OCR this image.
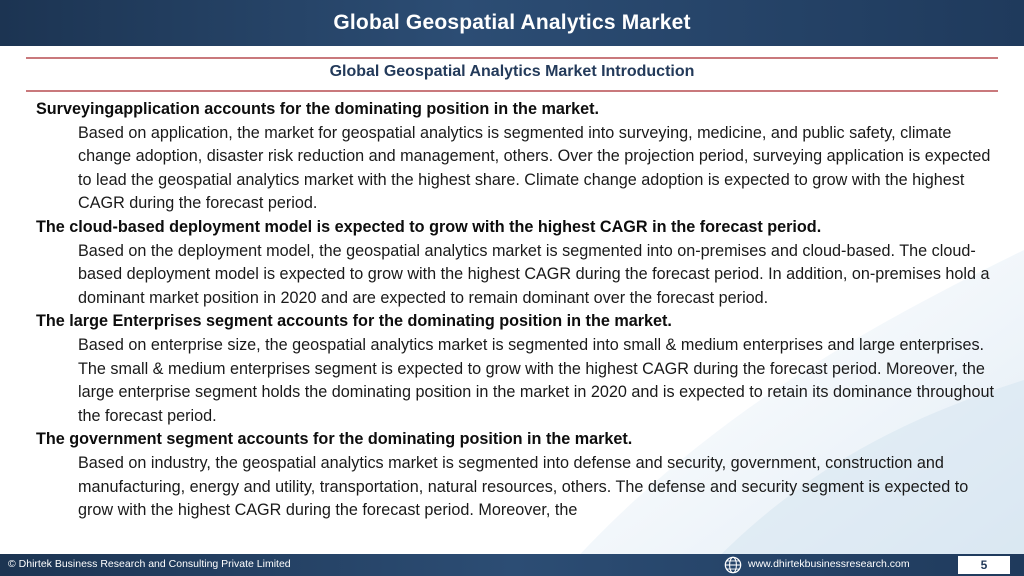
Global Geospatial Analytics Market
Global Geospatial Analytics Market Introduction
Surveyingapplication accounts for the dominating position in the market.
Based on application, the market for geospatial analytics is segmented into surveying, medicine, and public safety, climate change adoption, disaster risk reduction and management, others. Over the projection period, surveying application is expected to lead the geospatial analytics market with the highest share. Climate change adoption is expected to grow with the highest CAGR during the forecast period.
The cloud-based deployment model is expected to grow with the highest CAGR in the forecast period.
Based on the deployment model, the geospatial analytics market is segmented into on-premises and cloud-based. The cloud-based deployment model is expected to grow with the highest CAGR during the forecast period. In addition, on-premises hold a dominant market position in 2020 and are expected to remain dominant over the forecast period.
The large Enterprises segment accounts for the dominating position in the market.
Based on enterprise size, the geospatial analytics market is segmented into small & medium enterprises and large enterprises. The small & medium enterprises segment is expected to grow with the highest CAGR during the forecast period. Moreover, the large enterprise segment holds the dominating position in the market in 2020 and is expected to retain its dominance throughout the forecast period.
The government segment accounts for the dominating position in the market.
Based on industry, the geospatial analytics market is segmented into defense and security, government, construction and manufacturing, energy and utility, transportation, natural resources, others. The defense and security segment is expected to grow with the highest CAGR during the forecast period. Moreover, the
© Dhirtek Business Research and Consulting Private Limited	www.dhirtekbusinessresearch.com	5
